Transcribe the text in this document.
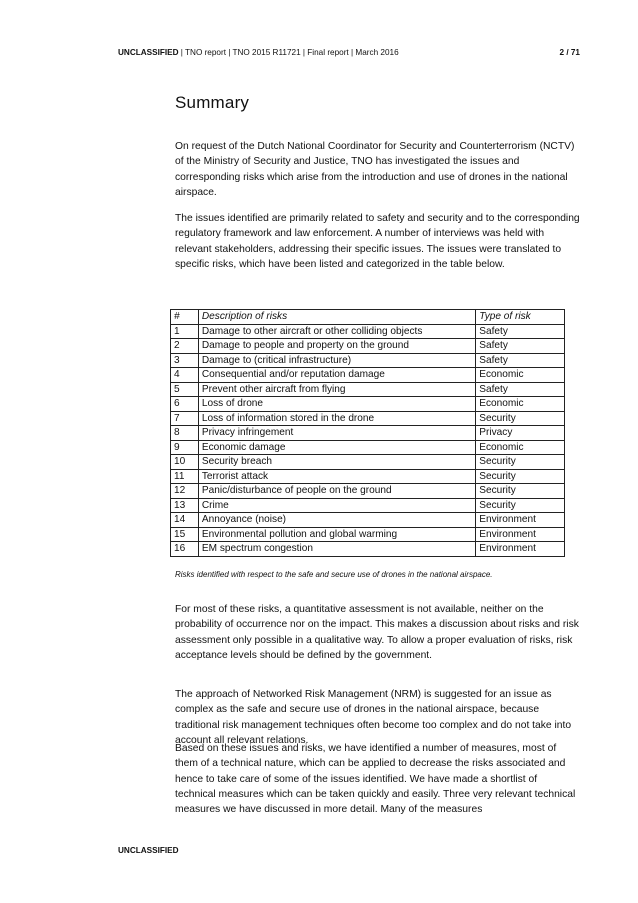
UNCLASSIFIED | TNO report | TNO 2015 R11721 | Final report | March 2016	2 / 71
Summary

On request of the Dutch National Coordinator for Security and Counterterrorism (NCTV) of the Ministry of Security and Justice, TNO has investigated the issues and corresponding risks which arise from the introduction and use of drones in the national airspace.

The issues identified are primarily related to safety and security and to the corresponding regulatory framework and law enforcement. A number of interviews was held with relevant stakeholders, addressing their specific issues. The issues were translated to specific risks, which have been listed and categorized in the table below.

#	Description of risks	Type of risk
1	Damage to other aircraft or other colliding objects	Safety
2	Damage to people and property on the ground	Safety
3	Damage to (critical infrastructure)	Safety
4	Consequential and/or reputation damage	Economic
5	Prevent other aircraft from flying	Safety
6	Loss of drone	Economic
7	Loss of information stored in the drone	Security
8	Privacy infringement	Privacy
9	Economic damage	Economic
10	Security breach	Security
11	Terrorist attack	Security
12	Panic/disturbance of people on the ground	Security
13	Crime	Security
14	Annoyance (noise)	Environment
15	Environmental pollution and global warming	Environment
16	EM spectrum congestion	Environment
Risks identified with respect to the safe and secure use of drones in the national airspace.

For most of these risks, a quantitative assessment is not available, neither on the probability of occurrence nor on the impact. This makes a discussion about risks and risk assessment only possible in a qualitative way. To allow a proper evaluation of risks, risk acceptance levels should be defined by the government.

The approach of Networked Risk Management (NRM) is suggested for an issue as complex as the safe and secure use of drones in the national airspace, because traditional risk management techniques often become too complex and do not take into account all relevant relations.

Based on these issues and risks, we have identified a number of measures, most of them of a technical nature, which can be applied to decrease the risks associated and hence to take care of some of the issues identified. We have made a shortlist of technical measures which can be taken quickly and easily. Three very relevant technical measures we have discussed in more detail. Many of the measures

UNCLASSIFIED
